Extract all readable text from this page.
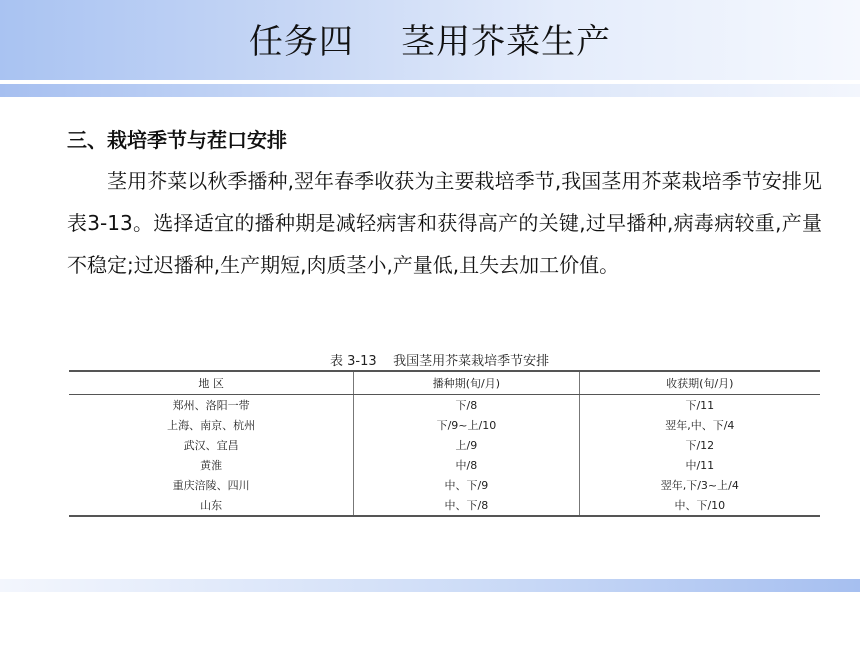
任务四    茎用芥菜生产
三、栽培季节与茬口安排
茎用芥菜以秋季播种,翌年春季收获为主要栽培季节,我国茎用芥菜栽培季节安排见表3-13。选择适宜的播种期是减轻病害和获得高产的关键,过早播种,病毒病较重,产量不稳定;过迟播种,生产期短,肉质茎小,产量低,且失去加工价值。
表 3-13    我国茎用芥菜栽培季节安排
地 区	播种期(旬/月)	收获期(旬/月)
郑州、洛阳一带	下/8	下/11
上海、南京、杭州	下/9~上/10	翌年,中、下/4
武汉、宜昌	上/9	下/12
黄淮	中/8	中/11
重庆涪陵、四川	中、下/9	翌年,下/3~上/4
山东	中、下/8	中、下/10
